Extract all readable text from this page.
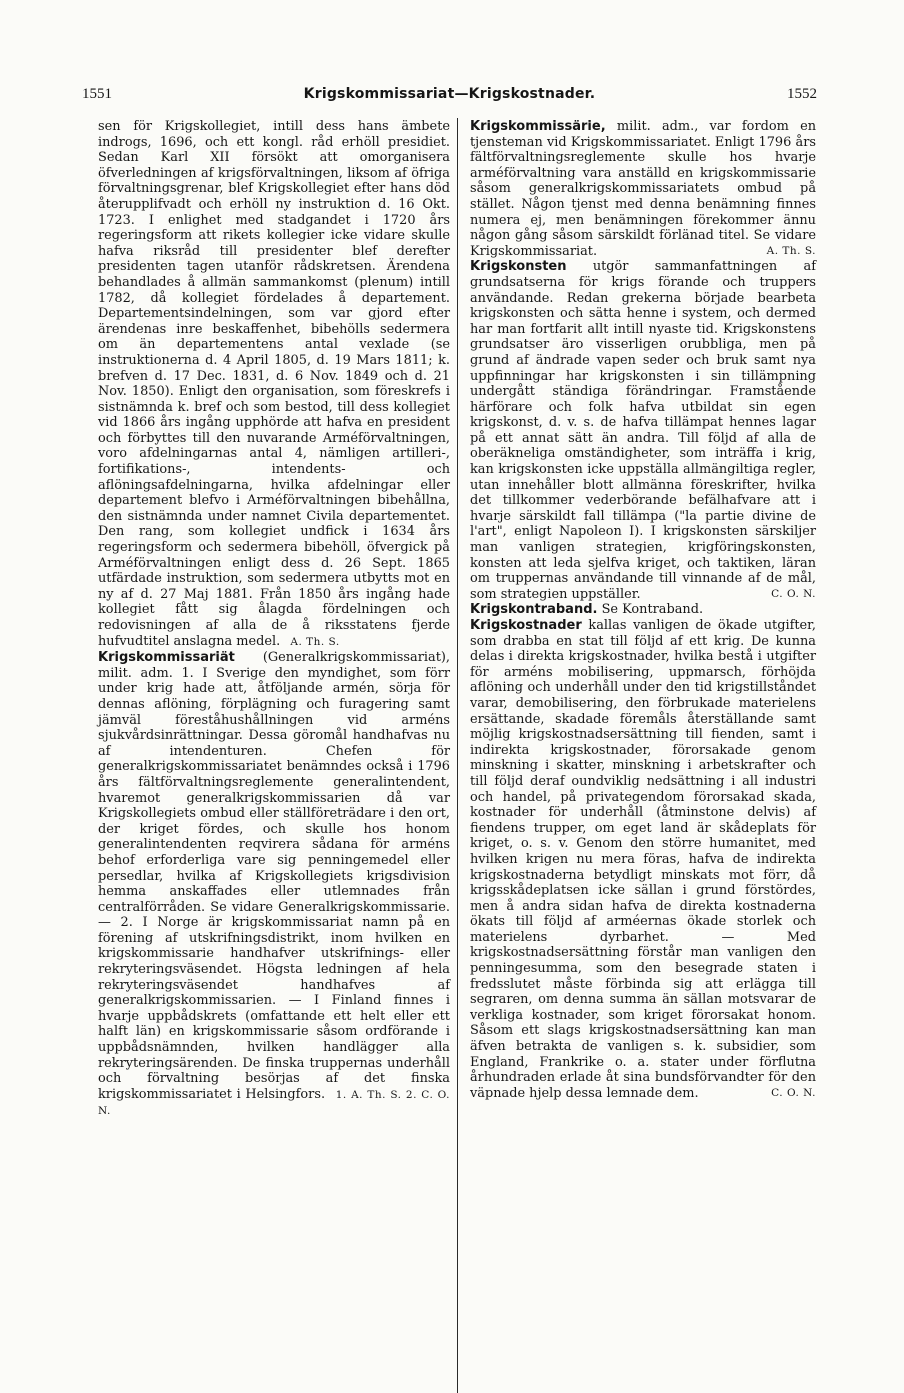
1551	Krigskommissariat—Krigskostnader.	1552

sen för Krigskollegiet, intill dess hans ämbete indrogs, 1696, och ett kongl. råd erhöll presidiet. Sedan Karl XII försökt att omorganisera öfverledningen af krigsförvaltningen, liksom af öfriga förvaltningsgrenar, blef Krigskollegiet efter hans död återupplifvadt och erhöll ny instruktion d. 16 Okt. 1723. I enlighet med stadgandet i 1720 års regeringsform att rikets kollegier icke vidare skulle hafva riksråd till presidenter blef derefter presidenten tagen utanför rådskretsen. Ärendena behandlades å allmän sammankomst (plenum) intill 1782, då kollegiet fördelades å departement. Departementsindelningen, som var gjord efter ärendenas inre beskaffenhet, bibehölls sedermera om än departementens antal vexlade (se instruktionerna d. 4 April 1805, d. 19 Mars 1811; k. brefven d. 17 Dec. 1831, d. 6 Nov. 1849 och d. 21 Nov. 1850). Enligt den organisation, som föreskrefs i sistnämnda k. bref och som bestod, till dess kollegiet vid 1866 års ingång upphörde att hafva en president och förbyttes till den nuvarande Arméförvaltningen, voro afdelningarnas antal 4, nämligen artilleri-, fortifikations-, intendents- och aflöningsafdelningarna, hvilka afdelningar eller departement blefvo i Arméförvaltningen bibehållna, den sistnämnda under namnet Civila departementet. Den rang, som kollegiet undfick i 1634 års regeringsform och sedermera bibehöll, öfvergick på Arméförvaltningen enligt dess d. 26 Sept. 1865 utfärdade instruktion, som sedermera utbytts mot en ny af d. 27 Maj 1881. Från 1850 års ingång hade kollegiet fått sig ålagda fördelningen och redovisningen af alla de å riksstatens fjerde hufvudtitel anslagna medel. A. Th. S.

Krigskommissariät (Generalkrigskommissariat), milit. adm. 1. I Sverige den myndighet, som förr under krig hade att, åtföljande armén, sörja för dennas aflöning, förplägning och furagering samt jämväl föreståhushållningen vid arméns sjukvårdsinrättningar. Dessa göromål handhafvas nu af intendenturen. Chefen för generalkrigskommissariatet benämndes också i 1796 års fältförvaltningsreglemente generalintendent, hvaremot generalkrigskommissarien då var Krigskollegiets ombud eller ställföreträdare i den ort, der kriget fördes, och skulle hos honom generalintendenten reqvirera sådana för arméns behof erforderliga vare sig penningemedel eller persedlar, hvilka af Krigskollegiets krigsdivision hemma anskaffades eller utlemnades från centralförråden. Se vidare Generalkrigskommissarie. — 2. I Norge är krigskommissariat namn på en förening af utskrifningsdistrikt, inom hvilken en krigskommissarie handhafver utskrifnings- eller rekryteringsväsendet. Högsta ledningen af hela rekryteringsväsendet handhafves af generalkrigskommissarien. — I Finland finnes i hvarje uppbådskrets (omfattande ett helt eller ett halft län) en krigskommissarie såsom ordförande i uppbådsnämnden, hvilken handlägger alla rekryteringsärenden. De finska truppernas underhåll och förvaltning besörjas af det finska krigskommissariatet i Helsingfors. 1. A. Th. S. 2. C. O. N.

Krigskommissärie, milit. adm., var fordom en tjensteman vid Krigskommissariatet. Enligt 1796 års fältförvaltningsreglemente skulle hos hvarje arméförvaltning vara anställd en krigskommissarie såsom generalkrigskommissariatets ombud på stället. Någon tjenst med denna benämning finnes numera ej, men benämningen förekommer ännu någon gång såsom särskildt förlänad titel. Se vidare Krigskommissariat.	A. Th. S.

Krigskonsten utgör sammanfattningen af grundsatserna för krigs förande och truppers användande. Redan grekerna började bearbeta krigskonsten och sätta henne i system, och dermed har man fortfarit allt intill nyaste tid. Krigskonstens grundsatser äro visserligen orubbliga, men på grund af ändrade vapen seder och bruk samt nya uppfinningar har krigskonsten i sin tillämpning undergått ständiga förändringar. Framstående härförare och folk hafva utbildat sin egen krigskonst, d. v. s. de hafva tillämpat hennes lagar på ett annat sätt än andra. Till följd af alla de oberäkneliga omständigheter, som inträffa i krig, kan krigskonsten icke uppställa allmängiltiga regler, utan innehåller blott allmänna föreskrifter, hvilka det tillkommer vederbörande befälhafvare att i hvarje särskildt fall tillämpa ("la partie divine de l'art", enligt Napoleon I). I krigskonsten särskiljer man vanligen strategien, krigföringskonsten, konsten att leda sjelfva kriget, och taktiken, läran om truppernas användande till vinnande af de mål, som strategien uppställer.	C. O. N.

Krigskontraband. Se Kontraband.

Krigskostnader kallas vanligen de ökade utgifter, som drabba en stat till följd af ett krig. De kunna delas i direkta krigskostnader, hvilka bestå i utgifter för arméns mobilisering, uppmarsch, förhöjda aflöning och underhåll under den tid krigstillståndet varar, demobilisering, den förbrukade materielens ersättande, skadade föremåls återställande samt möjlig krigskostnadsersättning till fienden, samt i indirekta krigskostnader, förorsakade genom minskning i skatter, minskning i arbetskrafter och till följd deraf oundviklig nedsättning i all industri och handel, på privategendom förorsakad skada, kostnader för underhåll (åtminstone delvis) af fiendens trupper, om eget land är skådeplats för kriget, o. s. v. Genom den större humanitet, med hvilken krigen nu mera föras, hafva de indirekta krigskostnaderna betydligt minskats mot förr, då krigsskådeplatsen icke sällan i grund förstördes, men å andra sidan hafva de direkta kostnaderna ökats till följd af arméernas ökade storlek och materielens dyrbarhet. — Med krigskostnadsersättning förstår man vanligen den penningesumma, som den besegrade staten i fredsslutet måste förbinda sig att erlägga till segraren, om denna summa än sällan motsvarar de verkliga kostnader, som kriget förorsakat honom. Såsom ett slags krigskostnadsersättning kan man äfven betrakta de vanligen s. k. subsidier, som England, Frankrike o. a. stater under förflutna århundraden erlade åt sina bundsförvandter för den väpnade hjelp dessa lemnade dem.	C. O. N.
